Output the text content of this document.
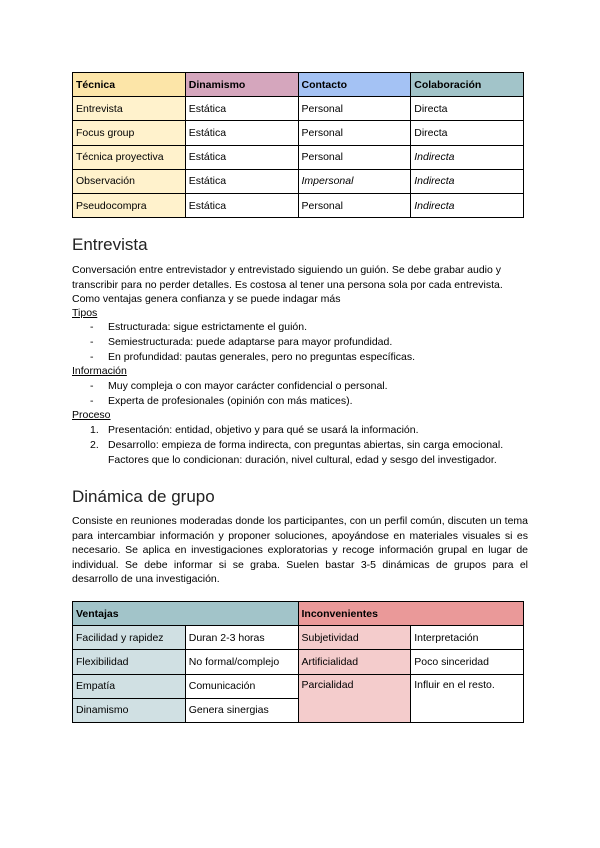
Técnica	Dinamismo	Contacto	Colaboración
Entrevista	Estática	Personal	Directa
Focus group	Estática	Personal	Directa
Técnica proyectiva	Estática	Personal	Indirecta
Observación	Estática	Impersonal	Indirecta
Pseudocompra	Estática	Personal	Indirecta
Entrevista

Conversación entre entrevistador y entrevistado siguiendo un guión. Se debe grabar audio y transcribir para no perder detalles. Es costosa al tener una persona sola por cada entrevista. Como ventajas genera confianza y se puede indagar más

Tipos
- Estructurada: sigue estrictamente el guión.
- Semiestructurada: puede adaptarse para mayor profundidad.
- En profundidad: pautas generales, pero no preguntas específicas.
Información
- Muy compleja o con mayor carácter confidencial o personal.
- Experta de profesionales (opinión con más matices).
Proceso
1. Presentación: entidad, objetivo y para qué se usará la información.
2. Desarrollo: empieza de forma indirecta, con preguntas abiertas, sin carga emocional.
Factores que lo condicionan: duración, nivel cultural, edad y sesgo del investigador.
Dinámica de grupo

Consiste en reuniones moderadas donde los participantes, con un perfil común, discuten un tema para intercambiar información y proponer soluciones, apoyándose en materiales visuales si es necesario. Se aplica en investigaciones exploratorias y recoge información grupal en lugar de individual. Se debe informar si se graba. Suelen bastar 3-5 dinámicas de grupos para el desarrollo de una investigación.

Ventajas		Inconvenientes	
Facilidad y rapidez	Duran 2-3 horas	Subjetividad	Interpretación
Flexibilidad	No formal/complejo	Artificialidad	Poco sinceridad
Empatía	Comunicación	Parcialidad	Influir en el resto.
Dinamismo	Genera sinergias		
